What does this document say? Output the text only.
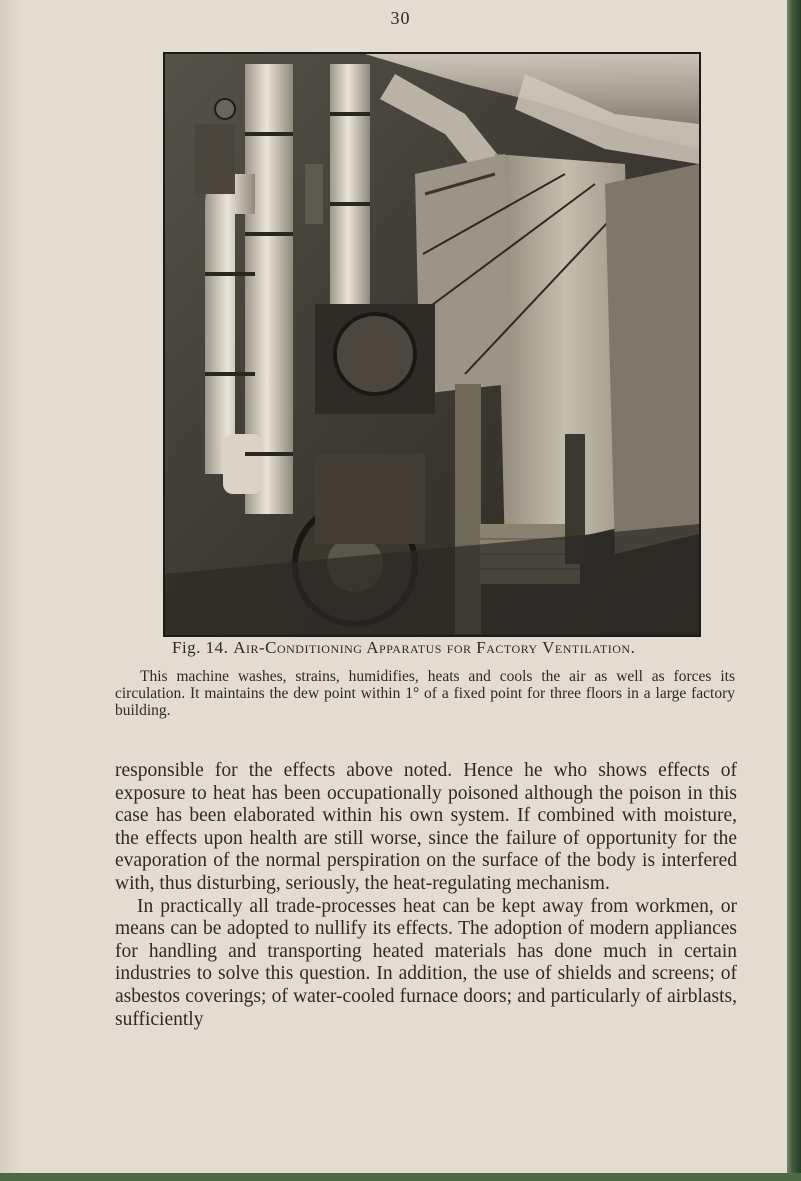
30
Fig. 14. Air-Conditioning Apparatus for Factory Ventilation.
This machine washes, strains, humidifies, heats and cools the air as well as forces its circulation. It maintains the dew point within 1° of a fixed point for three floors in a large factory building.

responsible for the effects above noted. Hence he who shows effects of exposure to heat has been occupationally poisoned although the poison in this case has been elaborated within his own system. If combined with moisture, the effects upon health are still worse, since the failure of opportunity for the evaporation of the normal perspiration on the surface of the body is interfered with, thus disturbing, seriously, the heat-regulating mechanism.

In practically all trade-processes heat can be kept away from workmen, or means can be adopted to nullify its effects. The adoption of modern appliances for handling and transporting heated materials has done much in certain industries to solve this question. In addition, the use of shields and screens; of asbestos coverings; of water-cooled furnace doors; and particularly of airblasts, sufficiently
